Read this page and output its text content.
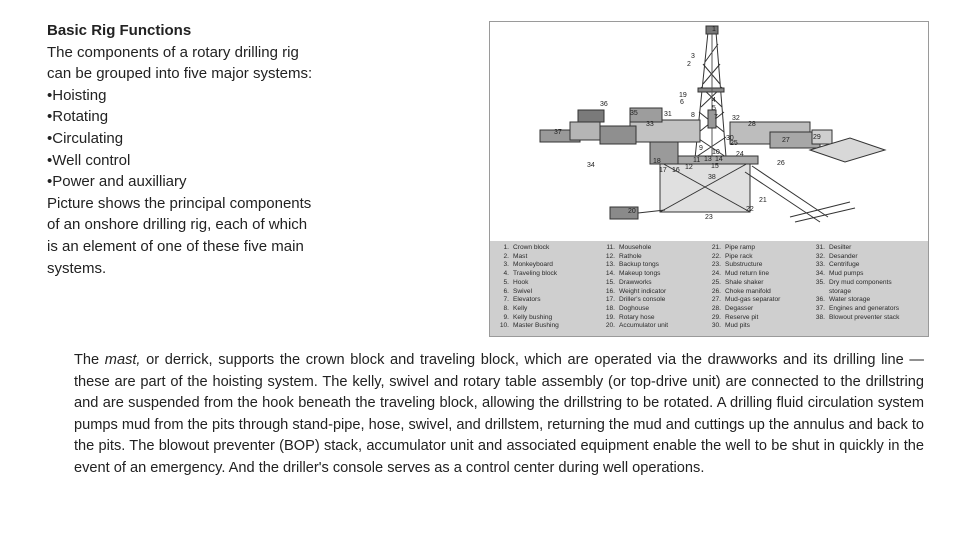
Basic Rig Functions
The components of a rotary drilling rig
can be grouped into five major systems:
•Hoisting
•Rotating
•Circulating
•Well control
•Power and auxilliary
Picture shows the principal components
of an onshore drilling rig, each of which
is an element of one of these five main
systems.
1
2
3
4
5
6
7
8
9
10
11
12
13 14
15
16
17
18
19
20
21
22
23
24
25
26
27
28
29
30
31
32
33
34
35
36
37
38
1. Crown block
2. Mast
3. Monkeyboard
4. Traveling block
5. Hook
6. Swivel
7. Elevators
8. Kelly
9. Kelly bushing
10. Master Bushing
11. Mousehole
12. Rathole
13. Backup tongs
14. Makeup tongs
15. Drawworks
16. Weight indicator
17. Driller's console
18. Doghouse
19. Rotary hose
20. Accumulator unit
21. Pipe ramp
22. Pipe rack
23. Substructure
24. Mud return line
25. Shale shaker
26. Choke manifold
27. Mud-gas separator
28. Degasser
29. Reserve pit
30. Mud pits
31. Desilter
32. Desander
33. Centrifuge
34. Mud pumps
35. Dry mud components
storage
36. Water storage
37. Engines and generators
38. Blowout preventer stack
The mast, or derrick, supports the crown block and traveling block, which are operated via the drawworks and its drilling line — these are part of the hoisting system. The kelly, swivel and rotary table assembly (or top-drive unit) are connected to the drillstring and are suspended from the hook beneath the traveling block, allowing the drillstring to be rotated. A drilling fluid circulation system pumps mud from the pits through stand-pipe, hose, swivel, and drillstem, returning the mud and cuttings up the annulus and back to the pits. The blowout preventer (BOP) stack, accumulator unit and associated equipment enable the well to be shut in quickly in the event of an emergency. And the driller's console serves as a control center during well operations.
